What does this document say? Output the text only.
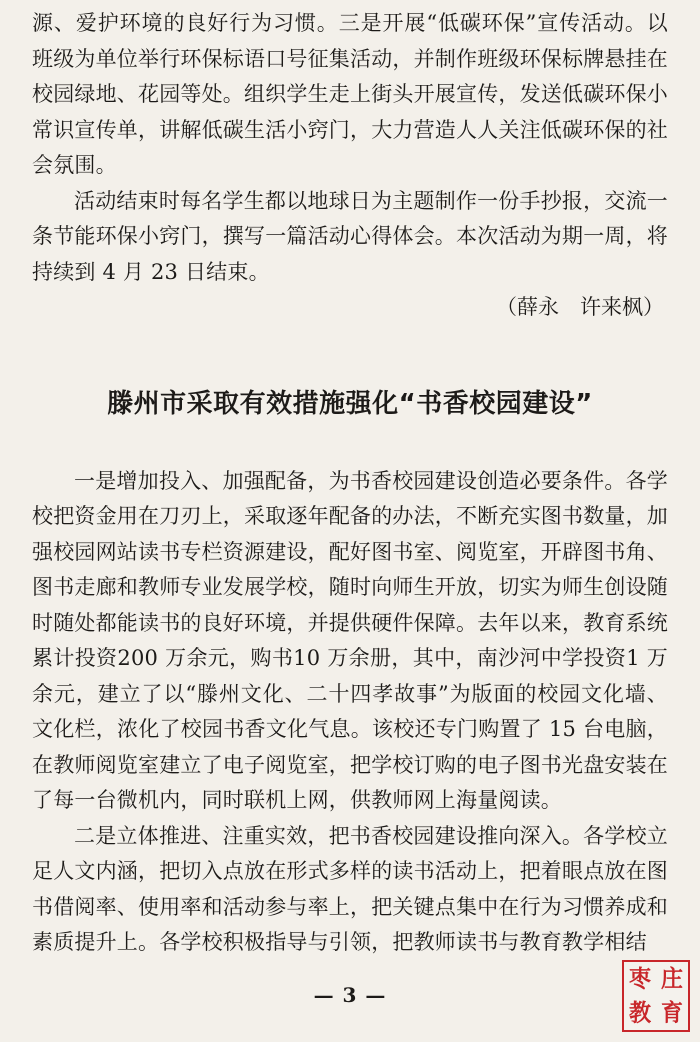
源、爱护环境的良好行为习惯。三是开展“低碳环保”宣传活动。以班级为单位举行环保标语口号征集活动，并制作班级环保标牌悬挂在校园绿地、花园等处。组织学生走上街头开展宣传，发送低碳环保小常识宣传单，讲解低碳生活小窍门，大力营造人人关注低碳环保的社会氛围。

活动结束时每名学生都以地球日为主题制作一份手抄报，交流一条节能环保小窍门，撰写一篇活动心得体会。本次活动为期一周，将持续到 4 月 23 日结束。

（薛永　许来枫）

滕州市采取有效措施强化“书香校园建设”

一是增加投入、加强配备，为书香校园建设创造必要条件。各学校把资金用在刀刃上，采取逐年配备的办法，不断充实图书数量，加强校园网站读书专栏资源建设，配好图书室、阅览室，开辟图书角、图书走廊和教师专业发展学校，随时向师生开放，切实为师生创设随时随处都能读书的良好环境，并提供硬件保障。去年以来，教育系统累计投资200 万余元，购书10 万余册，其中，南沙河中学投资1 万余元，建立了以“滕州文化、二十四孝故事”为版面的校园文化墙、文化栏，浓化了校园书香文化气息。该校还专门购置了 15 台电脑，在教师阅览室建立了电子阅览室，把学校订购的电子图书光盘安装在了每一台微机内，同时联机上网，供教师网上海量阅读。

二是立体推进、注重实效，把书香校园建设推向深入。各学校立足人文内涵，把切入点放在形式多样的读书活动上，把着眼点放在图书借阅率、使用率和活动参与率上，把关键点集中在行为习惯养成和素质提升上。各学校积极指导与引领，把教师读书与教育教学相结

— 3 —
枣 庄
教 育
